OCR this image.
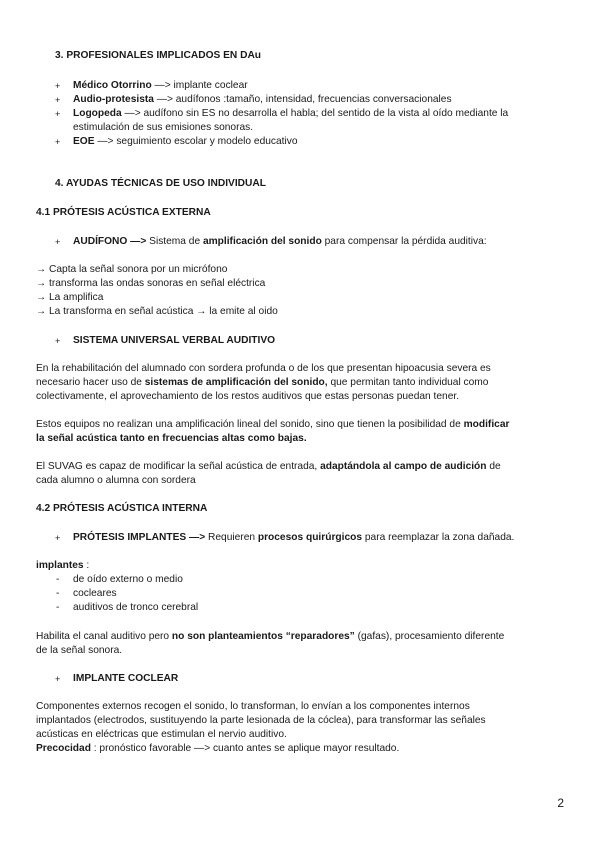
3. PROFESIONALES IMPLICADOS EN DAu
+ Médico Otorrino —> implante coclear
+ Audio-protesista —> audífonos :tamaño, intensidad, frecuencias conversacionales
+ Logopeda —> audífono sin ES no desarrolla el habla; del sentido de la vista al oído mediante la
estimulación de sus emisiones sonoras.
+ EOE —> seguimiento escolar y modelo educativo
4. AYUDAS TÉCNICAS DE USO INDIVIDUAL
4.1 PRÓTESIS ACÚSTICA EXTERNA
+ AUDÍFONO —> Sistema de amplificación del sonido para compensar la pérdida auditiva:
→ Capta la señal sonora por un micrófono
→ transforma las ondas sonoras en señal eléctrica
→ La amplifica
→ La transforma en señal acústica → la emite al oido
+ SISTEMA UNIVERSAL VERBAL AUDITIVO
En la rehabilitación del alumnado con sordera profunda o de los que presentan hipoacusia severa es
necesario hacer uso de sistemas de amplificación del sonido, que permitan tanto individual como
colectivamente, el aprovechamiento de los restos auditivos que estas personas puedan tener.
Estos equipos no realizan una amplificación lineal del sonido, sino que tienen la posibilidad de modificar
la señal acústica tanto en frecuencias altas como bajas.
El SUVAG es capaz de modificar la señal acústica de entrada, adaptándola al campo de audición de
cada alumno o alumna con sordera
4.2 PRÓTESIS ACÚSTICA INTERNA
+ PRÓTESIS IMPLANTES —> Requieren procesos quirúrgicos para reemplazar la zona dañada.
implantes :
- de oído externo o medio
- cocleares
- auditivos de tronco cerebral
Habilita el canal auditivo pero no son planteamientos “reparadores” (gafas), procesamiento diferente
de la señal sonora.
+ IMPLANTE COCLEAR
Componentes externos recogen el sonido, lo transforman, lo envían a los componentes internos
implantados (electrodos, sustituyendo la parte lesionada de la cóclea), para transformar las señales
acústicas en eléctricas que estimulan el nervio auditivo.
Precocidad : pronóstico favorable —> cuanto antes se aplique mayor resultado.
2
